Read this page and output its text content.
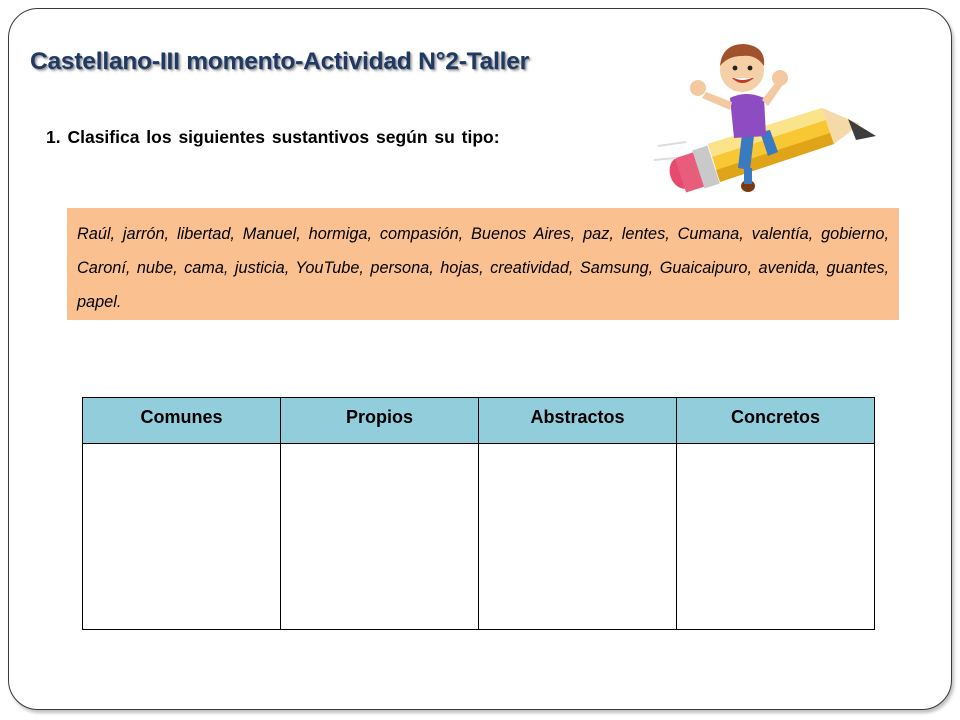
Castellano-III momento-Actividad N°2-Taller
1. Clasifica los siguientes sustantivos según su tipo:
Raúl, jarrón, libertad, Manuel, hormiga, compasión, Buenos Aires, paz, lentes, Cumana, valentía, gobierno, Caroní, nube, cama, justicia, YouTube, persona, hojas, creatividad, Samsung, Guaicaipuro, avenida, guantes, papel.
Comunes	Propios	Abstractos	Concretos
